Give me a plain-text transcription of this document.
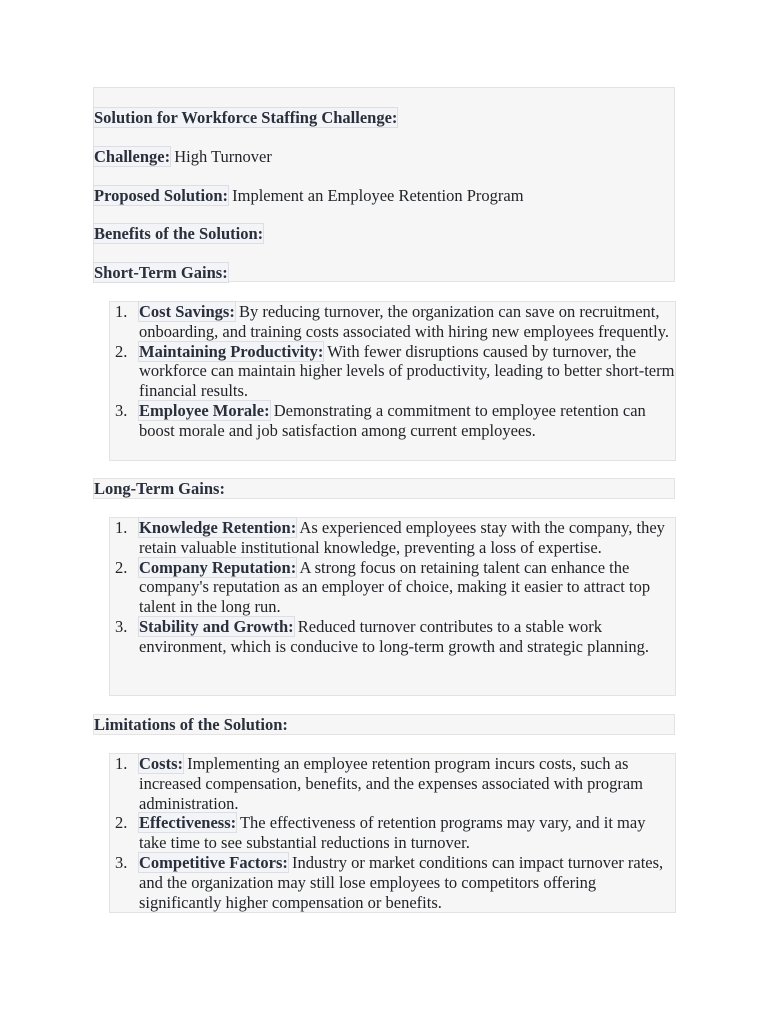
Solution for Workforce Staffing Challenge:
Challenge: High Turnover
Proposed Solution: Implement an Employee Retention Program
Benefits of the Solution:
Short-Term Gains:
1. Cost Savings: By reducing turnover, the organization can save on recruitment, onboarding, and training costs associated with hiring new employees frequently.
2. Maintaining Productivity: With fewer disruptions caused by turnover, the workforce can maintain higher levels of productivity, leading to better short-term financial results.
3. Employee Morale: Demonstrating a commitment to employee retention can boost morale and job satisfaction among current employees.
Long-Term Gains:
1. Knowledge Retention: As experienced employees stay with the company, they retain valuable institutional knowledge, preventing a loss of expertise.
2. Company Reputation: A strong focus on retaining talent can enhance the company's reputation as an employer of choice, making it easier to attract top talent in the long run.
3. Stability and Growth: Reduced turnover contributes to a stable work environment, which is conducive to long-term growth and strategic planning.
Limitations of the Solution:
1. Costs: Implementing an employee retention program incurs costs, such as increased compensation, benefits, and the expenses associated with program administration.
2. Effectiveness: The effectiveness of retention programs may vary, and it may take time to see substantial reductions in turnover.
3. Competitive Factors: Industry or market conditions can impact turnover rates, and the organization may still lose employees to competitors offering significantly higher compensation or benefits.
